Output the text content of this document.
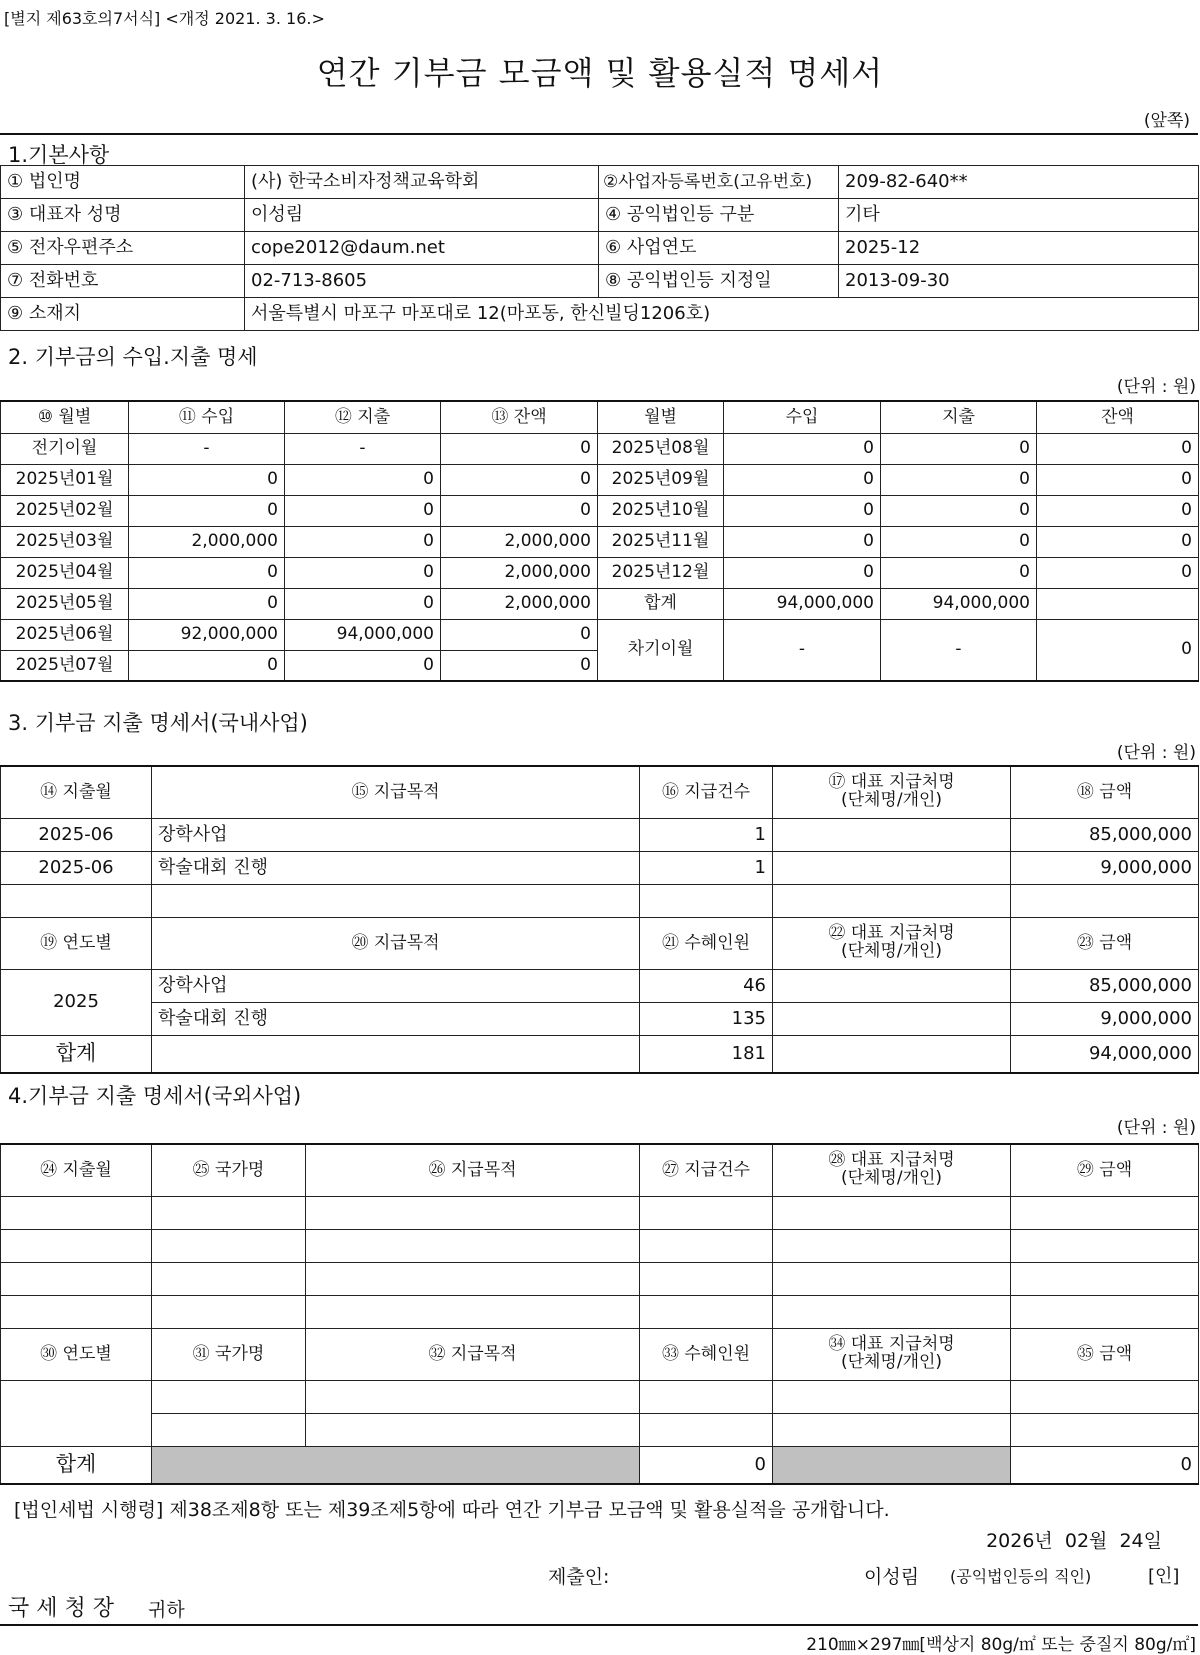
[별지 제63호의7서식] <개정 2021. 3. 16.>
연간 기부금 모금액 및 활용실적 명세서
(앞쪽)
1.기본사항
① 법인명	(사) 한국소비자정책교육학회	②사업자등록번호(고유번호)	209-82-640**
③ 대표자 성명	이성림	④ 공익법인등 구분	기타
⑤ 전자우편주소	cope2012@daum.net	⑥ 사업연도	2025-12
⑦ 전화번호	02-713-8605	⑧ 공익법인등 지정일	2013-09-30
⑨ 소재지	서울특별시 마포구 마포대로 12(마포동, 한신빌딩1206호)		
2. 기부금의 수입.지출 명세
(단위 : 원)
⑩ 월별	⑪ 수입	⑫ 지출	⑬ 잔액	월별	수입	지출	잔액
전기이월	-	-	0	2025년08월	0	0	0
2025년01월	0	0	0	2025년09월	0	0	0
2025년02월	0	0	0	2025년10월	0	0	0
2025년03월	2,000,000	0	2,000,000	2025년11월	0	0	0
2025년04월	0	0	2,000,000	2025년12월	0	0	0
2025년05월	0	0	2,000,000	합계	94,000,000	94,000,000	
2025년06월	92,000,000	94,000,000	0	차기이월	-	-	0
2025년07월	0	0	0				
3. 기부금 지출 명세서(국내사업)
(단위 : 원)
⑭ 지출월	⑮ 지급목적	⑯ 지급건수	⑰ 대표 지급처명
(단체명/개인)	⑱ 금액
2025-06	장학사업	1		85,000,000
2025-06	학술대회 진행	1		9,000,000

⑲ 연도별	⑳ 지급목적	㉑ 수혜인원	㉒ 대표 지급처명
(단체명/개인)	㉓ 금액
2025	장학사업	46		85,000,000
	학술대회 진행	135		9,000,000
합계		181		94,000,000
4.기부금 지출 명세서(국외사업)
(단위 : 원)
㉔ 지출월	㉕ 국가명	㉖ 지급목적	㉗ 지급건수	㉘ 대표 지급처명
(단체명/개인)	㉙ 금액

㉚ 연도별	㉛ 국가명	㉜ 지급목적	㉝ 수혜인원	㉞ 대표 지급처명
(단체명/개인)	㉟ 금액

합계			0		0
[법인세법 시행령] 제38조제8항 또는 제39조제5항에 따라 연간 기부금 모금액 및 활용실적을 공개합니다.
2026년  02월  24일
제출인:	이성림 (공익법인등의 직인)	[인]
국 세 청 장 귀하
210㎜×297㎜[백상지 80g/㎡ 또는 중질지 80g/㎡]
